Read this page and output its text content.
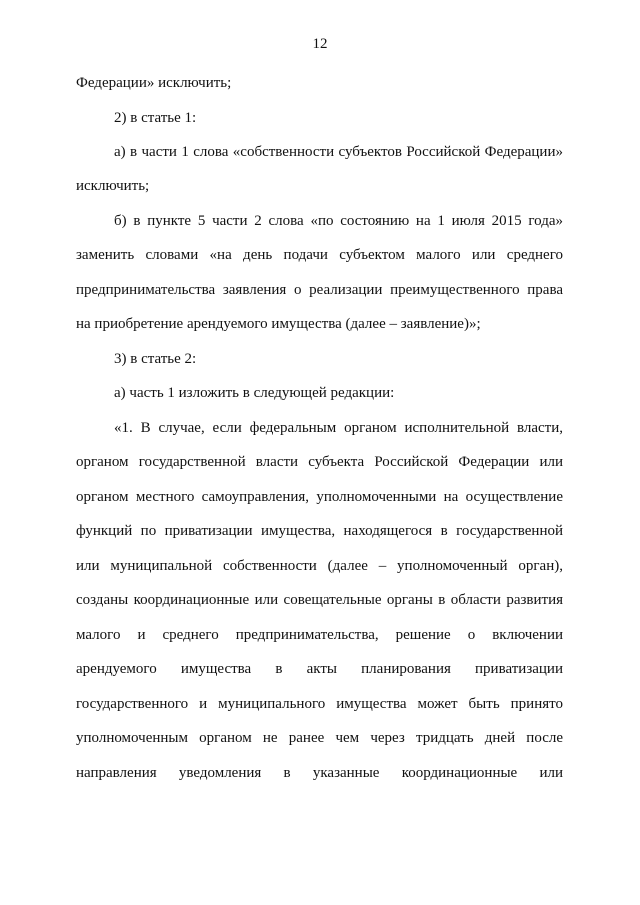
12
Федерации» исключить;
2) в статье 1:
а) в части 1 слова «собственности субъектов Российской Федерации»
исключить;
б) в пункте 5 части 2 слова «по состоянию на 1 июля 2015 года»
заменить словами «на день подачи субъектом малого или среднего
предпринимательства заявления о реализации преимущественного права
на приобретение арендуемого имущества (далее – заявление)»;
3) в статье 2:
а) часть 1 изложить в следующей редакции:
«1. В случае, если федеральным органом исполнительной власти,
органом государственной власти субъекта Российской Федерации или
органом местного самоуправления, уполномоченными на осуществление
функций по приватизации имущества, находящегося в государственной
или муниципальной собственности (далее – уполномоченный орган),
созданы координационные или совещательные органы в области развития
малого и среднего предпринимательства, решение о включении
арендуемого имущества в акты планирования приватизации
государственного и муниципального имущества может быть принято
уполномоченным органом не ранее чем через тридцать дней после
направления уведомления в указанные координационные или
